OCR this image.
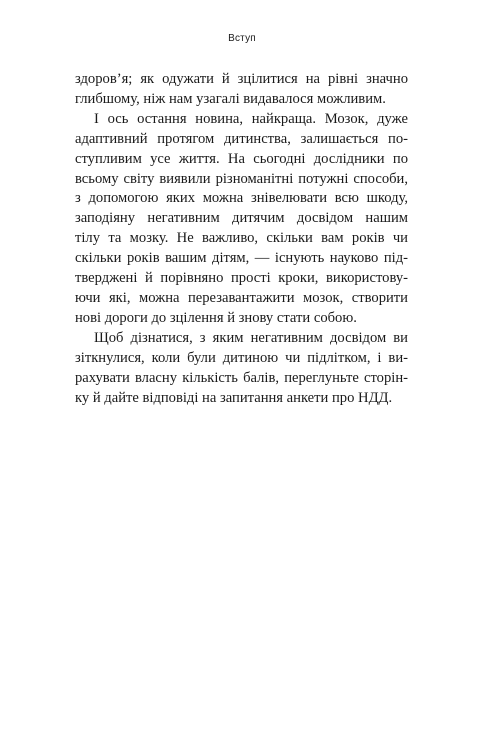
Вступ

здоров’я; як одужати й зцілитися на рівні значно
глибшому, ніж нам узагалі видавалося можливим.

І ось остання новина, найкраща. Мозок, дуже
адаптивний протягом дитинства, залишається по-
ступливим усе життя. На сьогодні дослідники по
всьому світу виявили різноманітні потужні способи,
з допомогою яких можна знівелювати всю шкоду,
заподіяну негативним дитячим досвідом нашим
тілу та мозку. Не важливо, скільки вам років чи
скільки років вашим дітям, — існують науково під-
тверджені й порівняно прості кроки, використову-
ючи які, можна перезавантажити мозок, створити
нові дороги до зцілення й знову стати собою.

Щоб дізнатися, з яким негативним досвідом ви
зіткнулися, коли були дитиною чи підлітком, і ви-
рахувати власну кількість балів, переглуньте сторін-
ку й дайте відповіді на запитання анкети про НДД.
